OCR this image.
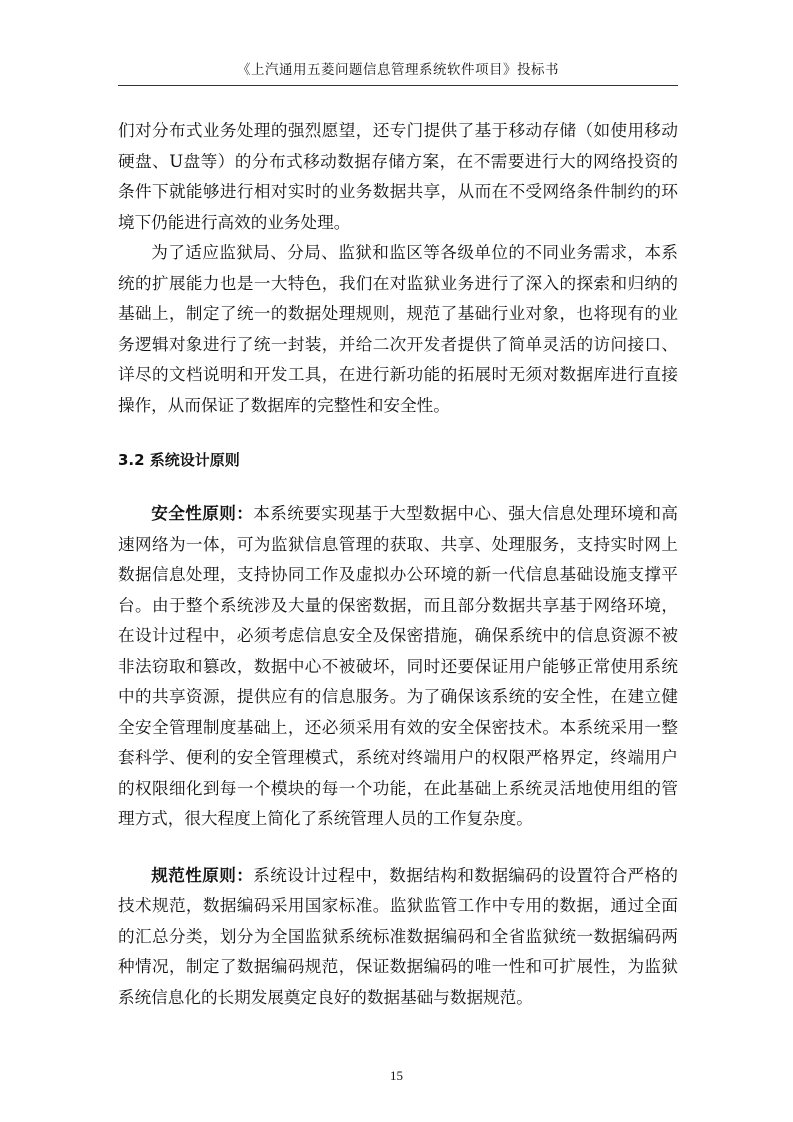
《上汽通用五菱问题信息管理系统软件项目》投标书

们对分布式业务处理的强烈愿望，还专门提供了基于移动存储（如使用移动硬盘、U盘等）的分布式移动数据存储方案，在不需要进行大的网络投资的条件下就能够进行相对实时的业务数据共享，从而在不受网络条件制约的环境下仍能进行高效的业务处理。

为了适应监狱局、分局、监狱和监区等各级单位的不同业务需求，本系统的扩展能力也是一大特色，我们在对监狱业务进行了深入的探索和归纳的基础上，制定了统一的数据处理规则，规范了基础行业对象，也将现有的业务逻辑对象进行了统一封装，并给二次开发者提供了简单灵活的访问接口、详尽的文档说明和开发工具，在进行新功能的拓展时无须对数据库进行直接操作，从而保证了数据库的完整性和安全性。

3.2 系统设计原则

安全性原则：本系统要实现基于大型数据中心、强大信息处理环境和高速网络为一体，可为监狱信息管理的获取、共享、处理服务，支持实时网上数据信息处理，支持协同工作及虚拟办公环境的新一代信息基础设施支撑平台。由于整个系统涉及大量的保密数据，而且部分数据共享基于网络环境，在设计过程中，必须考虑信息安全及保密措施，确保系统中的信息资源不被非法窃取和篡改，数据中心不被破坏，同时还要保证用户能够正常使用系统中的共享资源，提供应有的信息服务。为了确保该系统的安全性，在建立健全安全管理制度基础上，还必须采用有效的安全保密技术。本系统采用一整套科学、便利的安全管理模式，系统对终端用户的权限严格界定，终端用户的权限细化到每一个模块的每一个功能，在此基础上系统灵活地使用组的管理方式，很大程度上简化了系统管理人员的工作复杂度。

规范性原则：系统设计过程中，数据结构和数据编码的设置符合严格的技术规范，数据编码采用国家标准。监狱监管工作中专用的数据，通过全面的汇总分类，划分为全国监狱系统标准数据编码和全省监狱统一数据编码两种情况，制定了数据编码规范，保证数据编码的唯一性和可扩展性，为监狱系统信息化的长期发展奠定良好的数据基础与数据规范。

15
